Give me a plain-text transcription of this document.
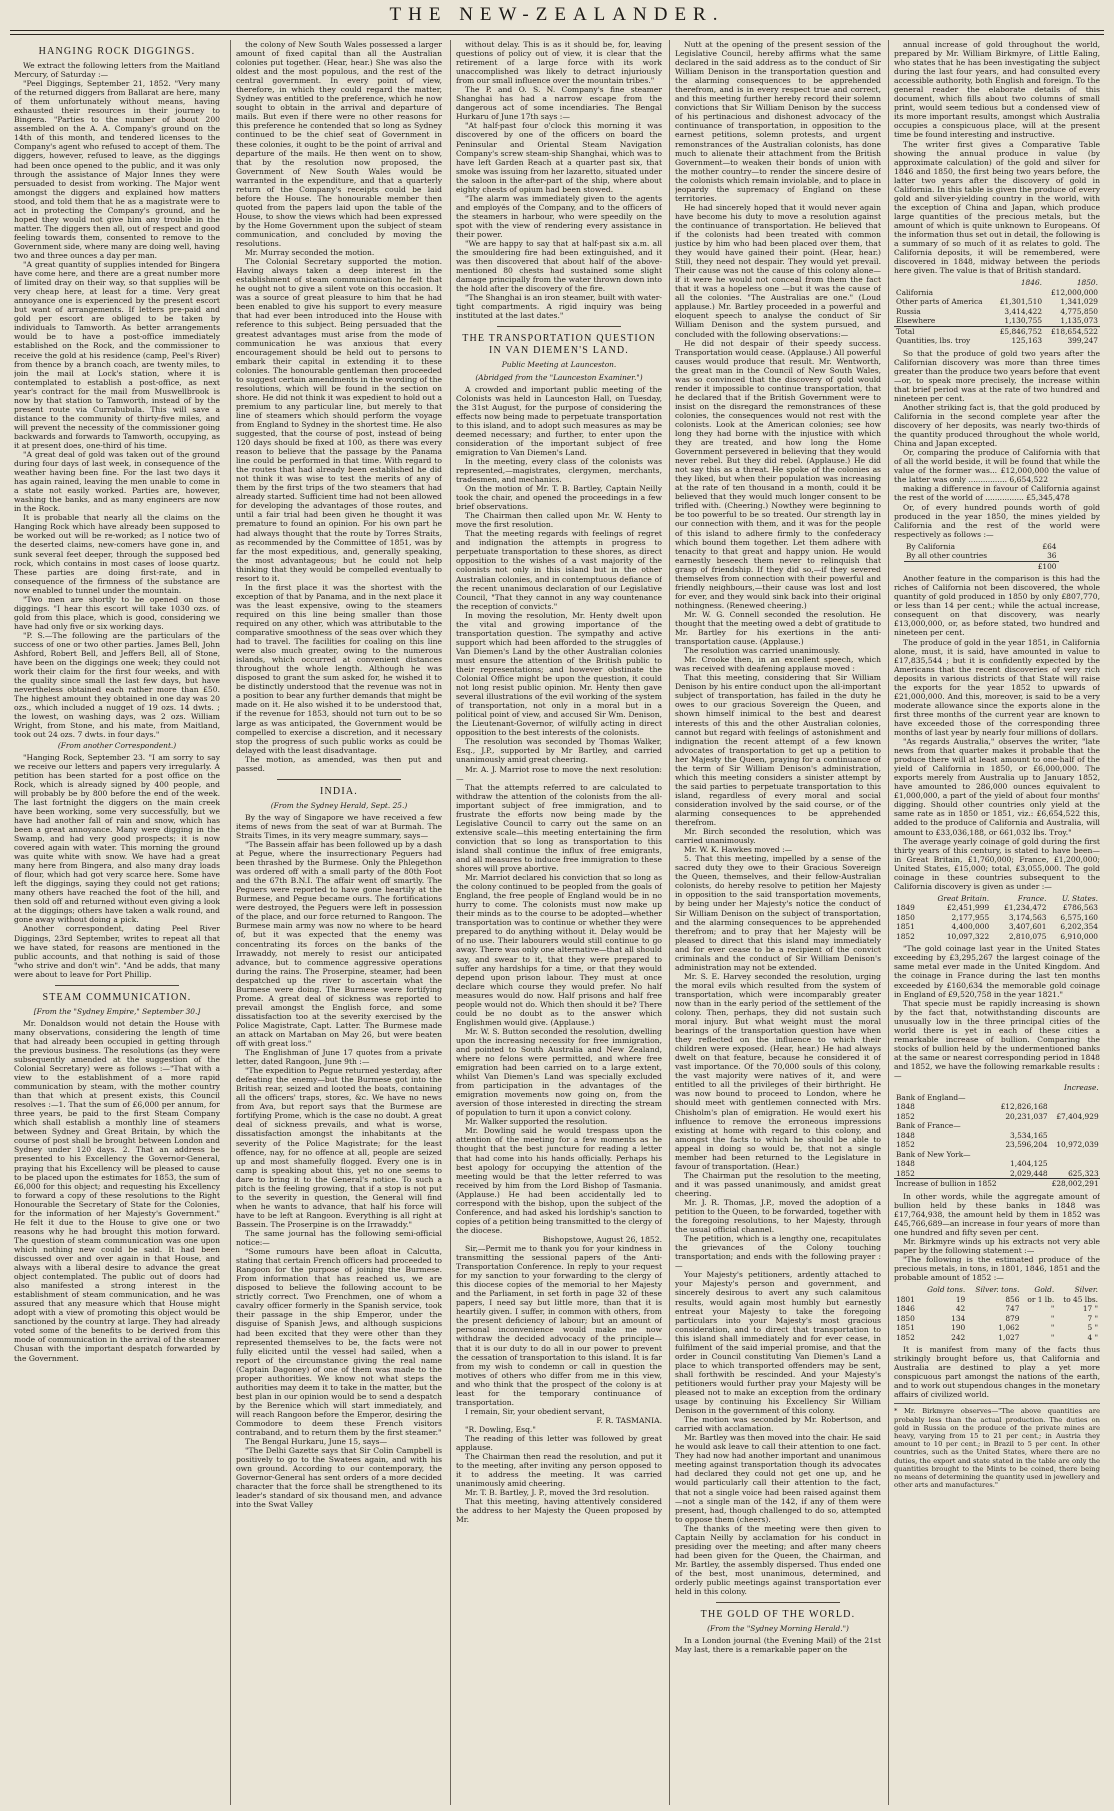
THE NEW-ZEALANDER.
HANGING ROCK DIGGINGS.

We extract the following letters from the Maitland Mercury, of Saturday :—

"Peel Diggings, September 21, 1852. "Very many of the returned diggers from Ballarat are here, many of them unfortunately without means, having exhausted their resources in their journey to Bingera. "Parties to the number of about 200 assembled on the A. A. Company's ground on the 14th of this month, and tendered licenses to the Company's agent who refused to accept of them. The diggers, however, refused to leave, as the diggings had been once opened to the public, and it was only through the assistance of Major Innes they were persuaded to desist from working. The Major went amongst the diggers and explained how matters stood, and told them that he as a magistrate were to act in protecting the Company's ground, and he hoped they would not give him any trouble in the matter. The diggers then all, out of respect and good feeling towards them, consented to remove to the Government side, where many are doing well, having two and three ounces a day per man.

"A great quantity of supplies intended for Bingera have come here, and there are a great number more of limited dray on their way, so that supplies will be very cheap here, at least for a time. Very great annoyance one is experienced by the present escort but want of arrangements. If letters pre-paid and gold per escort are obliged to be taken by individuals to Tamworth. As better arrangements would be to have a post-office immediately established on the Rock, and the commissioner to receive the gold at his residence (camp, Peel's River) from thence by a branch coach, are twenty miles, to join the mail at Lock's station, where it is contemplated to establish a post-office, as next year's contract for the mail from Muswellbrook is now by that station to Tamworth, instead of by the present route via Currabubula. This will save a distance to the community of thirty-five miles, and will prevent the necessity of the commissioner going backwards and forwards to Tamworth, occupying, as it at present does, one-third of his time.

"A great deal of gold was taken out of the ground during four days of last week, in consequence of the weather having been fine. For the last two days it has again rained, leaving the men unable to come in a state not easily worked. Parties are, however, washing the banks, and as many engineers are now in the Rock.

It is probable that nearly all the claims on the Hanging Rock which have already been supposed to be worked out will be re-worked; as I notice two of the deserted claims, new-comers have gone in, and sunk several feet deeper, through the supposed bed rock, which contains in most cases of loose quartz. These parties are doing first-rate, and in consequence of the firmness of the substance are now enabled to tunnel under the mountain.

"Two men are shortly to be opened on those diggings. "I hear this escort will take 1030 ozs. of gold from this place, which is good, considering we have had only five or six working days.

"P. S.—The following are the particulars of the success of one or two other parties. James Bell, John Ashford, Robert Bell, and Jeffers Bell, all of Stone, have been on the diggings one week; they could not work their claim for the first four weeks, and with the quality since small the last few days, but have nevertheless obtained each rather more than £50. The highest amount they obtained in one day was 20 ozs., which included a nugget of 19 ozs. 14 dwts. ; the lowest, on washing days, was 2 ozs. William Wright, from Stone, and his mate, from Maitland, took out 24 ozs. 7 dwts. in four days."

(From another Correspondent.)

"Hanging Rock, September 23. "I am sorry to say we receive our letters and papers very irregularly. A petition has been started for a post office on the Rock, which is already signed by 400 people, and will probably be by 800 before the end of the week. The last fortnight the diggers on the main creek have been working, some very successfully, but we have had another fall of rain and snow, which has been a great annoyance. Many were digging in the Swamp, and had very good prospects; it is now covered again with water. This morning the ground was quite white with snow. We have had a great many here from Bingera, and also many dray loads of flour, which had got very scarce here. Some have left the diggings, saying they could not get rations; many others have reached the foot of the hill, and then sold off and returned without even giving a look at the diggings; others have taken a walk round, and gone away without doing a pick.

Another correspondent, dating Peel River Diggings, 23rd September, writes to repeat all that we have stated, for reasons are mentioned in the public accounts, and that nothing is said of those "who strive and don't win". "And be adds, that many were about to leave for Port Phillip.

STEAM COMMUNICATION.
[From the "Sydney Empire," September 30.]

Mr. Donaldson would not detain the House with many observations, considering the length of time that had already been occupied in getting through the previous business. The resolutions (as they were subsequently amended at the suggestion of the Colonial Secretary) were as follows :—"That with a view to the establishment of a more rapid communication by steam, with the mother country than that which at present exists, this Council resolves :—1. That the sum of £6,000 per annum, for three years, be paid to the first Steam Company which shall establish a monthly line of steamers between Sydney and Great Britain, by which the course of post shall be brought between London and Sydney under 120 days. 2. That an address be presented to his Excellency the Governor-General, praying that his Excellency will be pleased to cause to be placed upon the estimates for 1853, the sum of £6,000 for this object; and requesting his Excellency to forward a copy of these resolutions to the Right Honourable the Secretary of State for the Colonies, for the information of her Majesty's Government." He felt it due to the House to give one or two reasons why he had brought this motion forward. The question of steam communication was one upon which nothing new could be said. It had been discussed over and over again in that House, and always with a liberal desire to advance the great object contemplated. The public out of doors had also manifested a strong interest in the establishment of steam communication, and he was assured that any measure which that House might adopt with a view of promoting this object would be sanctioned by the country at large. They had already voted some of the benefits to be derived from this mode of communication in the arrival of the steamer Chusan with the important despatch forwarded by the Government.

the colony of New South Wales possessed a larger amount of fixed capital than all the Australian colonies put together. (Hear, hear.) She was also the oldest and the most populous, and the rest of the central government. In every point of view, therefore, in which they could regard the matter, Sydney was entitled to the preference, which he now sought to obtain in the arrival and departure of mails. But even if there were no other reasons for this preference he contended that so long as Sydney continued to be the chief seat of Government in these colonies, it ought to be the point of arrival and departure of the mails. He then went on to show, that by the resolution now proposed, the Government of New South Wales would be warranted in the expenditure, and that a quarterly return of the Company's receipts could be laid before the House. The honourable member then quoted from the papers laid upon the table of the House, to show the views which had been expressed by the Home Government upon the subject of steam communication, and concluded by moving the resolutions.

Mr. Murray seconded the motion.

The Colonial Secretary supported the motion. Having always taken a deep interest in the establishment of steam communication he felt that he ought not to give a silent vote on this occasion. It was a source of great pleasure to him that he had been enabled to give his support to every measure that had ever been introduced into the House with reference to this subject. Being persuaded that the greatest advantages must arise from the mode of communication he was anxious that every encouragement should be held out to persons to embark their capital in extending it to these colonies. The honourable gentleman then proceeded to suggest certain amendments in the wording of the resolutions, which will be found in the section on shore. He did not think it was expedient to hold out a premium to any particular line, but merely to that line of steamers which should perform the voyage from England to Sydney in the shortest time. He also suggested, that the course of post, instead of being 120 days should be fixed at 100, as there was every reason to believe that the passage by the Panama line could be performed in that time. With regard to the routes that had already been established he did not think it was wise to test the merits of any of them by the first trips of the two steamers that had already started. Sufficient time had not been allowed for developing the advantages of those routes, and until a fair trial had been given he thought it was premature to found an opinion. For his own part he had always thought that the route by Torres Straits, as recommended by the Committee of 1851, was by far the most expeditious, and, generally speaking, the most advantageous; but he could not help thinking that they would be compelled eventually to resort to it.

In the first place it was the shortest with the exception of that by Panama, and in the next place it was the least expensive, owing to the steamers required on this line being smaller than those required on any other, which was attributable to the comparative smoothness of the seas over which they had to travel. The facilities for coaling on this line were also much greater, owing to the numerous islands, which occurred at convenient distances throughout the whole length. Although he was disposed to grant the sum asked for, he wished it to be distinctly understood that the revenue was not in a position to bear any further demands that might be made on it. He also wished it to be understood that, if the revenue for 1853, should not turn out to be so large as was anticipated, the Government would be compelled to exercise a discretion, and it necessary stop the progress of such public works as could be delayed with the least disadvantage.

The motion, as amended, was then put and passed.

INDIA.
(From the Sydney Herald, Sept. 25.)

By the way of Singapore we have received a few items of news from the seat of war at Burmah. The Straits Times, in its very meagre summary, says—

"The Bassein affair has been followed up by a dash at Pegue, where the insurrectionary Peguers had been thrashed by the Burmese. Only the Phlegethon was ordered off with a small party of the 80th Foot and the 67th B.N.I. The affair went off smartly. The Peguers were reported to have gone heartily at the Burmese, and Pegue became ours. The fortifications were destroyed, the Peguers were left in possession of the place, and our force returned to Rangoon. The Burmese main army was now no where to be heard of, but it was expected that the enemy was concentrating its forces on the banks of the Irrawaddy, not merely to resist our anticipated advance, but to commence aggressive operations during the rains. The Proserpine, steamer, had been despatched up the river to ascertain what the Burmese were doing. The Burmese were fortifying Prome. A great deal of sickness was reported to prevail amongst the English force, and some dissatisfaction too at the severity exercised by the Police Magistrate, Capt. Latter. The Burmese made an attack on Martaban on May 26, but were beaten off with great loss."

The Englishman of June 17 quotes from a private letter, dated Rangoon, June 9th :—

"The expedition to Pegue returned yesterday, after defeating the enemy—but the Burmese got into the British rear, seized and looted the boats, containing all the officers' traps, stores, &c. We have no news from Ava, but report says that the Burmese are fortifying Prome, which is the case no doubt. A great deal of sickness prevails, and what is worse, dissatisfaction amongst the inhabitants at the severity of the Police Magistrate; for the least offence, nay, for no offence at all, people are seized up and most shamefully flogged. Every one is in camp is speaking about this, yet no one seems to dare to bring it to the General's notice. To such a pitch is the feeling growing, that if a stop is not put to the severity in question, the General will find when he wants to advance, that half his force will have to be left at Rangoon. Everything is all right at Bassein. The Proserpine is on the Irrawaddy."

The same journal has the following semi-official notice:—

"Some rumours have been afloat in Calcutta, stating that certain French officers had proceeded to Rangoon for the purpose of joining the Burmese. From information that has reached us, we are disposed to believe the following account to be strictly correct. Two Frenchmen, one of whom a cavalry officer formerly in the Spanish service, took their passage in the ship Emperor, under the disguise of Spanish Jews, and although suspicions had been excited that they were other than they represented themselves to be, the facts were not fully elicited until the vessel had sailed, when a report of the circumstance giving the real name (Captain Dagoney) of one of them was made to the proper authorities. We know not what steps the authorities may deem it to take in the matter, but the best plan in our opinion would be to send a despatch by the Berenice which will start immediately, and will reach Rangoon before the Emperor, desiring the Commodore to deem these French visitors contraband, and to return them by the first steamer."

The Bengal Hurkaru, June 15, says—

"The Delhi Gazette says that Sir Colin Campbell is positively to go to the Swatees again, and with his own ground. According to our contemporary, the Governor-General has sent orders of a more decided character that the force shall be strengthened to its leader's standard of six thousand men, and advance into the Swat Valley

without delay. This is as it should be, for, leaving questions of policy out of view, it is clear that the retirement of a large force with its work unaccomplished was likely to detract injuriously from our small influence over the mountain tribes."

The P. and O. S. N. Company's fine steamer Shanghai has had a narrow escape from the dangerous act of some incendiaries. The Bengal Hurkaru of June 17th says :—

"At half-past four o'clock this morning it was discovered by one of the officers on board the Peninsular and Oriental Steam Navigation Company's screw steam-ship Shanghai, which was to have left Garden Reach at a quarter past six, that smoke was issuing from her lazaretto, situated under the saloon in the after-part of the ship, where about eighty chests of opium had been stowed.

"The alarm was immediately given to the agents and employés of the Company, and to the officers of the steamers in harbour, who were speedily on the spot with the view of rendering every assistance in their power.

"We are happy to say that at half-past six a.m. all the smouldering fire had been extinguished, and it was then discovered that about half of the above-mentioned 80 chests had sustained some slight damage principally from the water thrown down into the hold after the discovery of the fire.

"The Shanghai is an iron steamer, built with water-tight compartments. A rigid inquiry was being instituted at the last dates."

THE TRANSPORTATION QUESTION IN VAN DIEMEN'S LAND.
Public Meeting at Launceston.
(Abridged from the "Launceston Examiner.")

A crowded and important public meeting of the Colonists was held in Launceston Hall, on Tuesday, the 31st August, for the purpose of considering the effects now being made to perpetuate transportation to this island, and to adopt such measures as may be deemed necessary; and further, to enter upon the consideration of the important subject of free emigration to Van Diemen's Land.

In the meeting, every class of the colonists was represented,—magistrates, clergymen, merchants, tradesmen, and mechanics.

On the motion of Mr. T. B. Bartley, Captain Neilly took the chair, and opened the proceedings in a few brief observations.

The Chairman then called upon Mr. W. Henty to move the first resolution.

That the meeting regards with feelings of regret and indignation the attempts in progress to perpetuate transportation to these shores, as direct opposition to the wishes of a vast majority of the colonists not only in this island but in the other Australian colonies, and in contemptuous defiance of the recent unanimous declaration of our Legislative Council, "That they cannot in any way countenance the reception of convicts."

In moving the resolution, Mr. Henty dwelt upon the vital and growing importance of the transportation question. The sympathy and active support which had been afforded to the struggles of Van Diemen's Land by the other Australian colonies must ensure the attention of the British public to their representations; and however obstinate the Colonial Office might be upon the question, it could not long resist public opinion. Mr. Henty then gave several illustrations of the evil working of the system of transportation, not only in a moral but in a political point of view, and accused Sir Wm. Denison, the Lieutenant-Governor, of wilfully acting in direct opposition to the best interests of the colonists.

The resolution was seconded by Thomas Walker, Esq., J.P., supported by Mr Bartley, and carried unanimously amid great cheering.

Mr. A. J. Marriot rose to move the next resolution:—

That the attempts referred to are calculated to withdraw the attention of the colonists from the all-important subject of free immigration, and to frustrate the efforts now being made by the Legislative Council to carry out the same on an extensive scale—this meeting entertaining the firm conviction that so long as transportation to this island shall continue the influx of free emigrants, and all measures to induce free immigration to these shores will prove abortive.

Mr. Marriot declared his conviction that so long as the colony continued to be peopled from the goals of England, the free people of England would be in no hurry to come. The colonists must now make up their minds as to the course to be adopted—whether transportation was to continue or whether they were prepared to do anything without it. Delay would be of no use. Their labourers would still continue to go away. There was only one alternative—that all should say, and swear to it, that they were prepared to suffer any hardships for a time, or that they would depend upon prison labour. They must at once declare which course they would prefer. No half measures would do now. Half prisons and half free people would not do. Which then should it be? There could be no doubt as to the answer which Englishmen would give. (Applause.)

Mr. W. S. Button seconded the resolution, dwelling upon the increasing necessity for free immigration, and pointed to South Australia and New Zealand, where no felons were permitted, and where free emigration had been carried on to a large extent, whilst Van Diemen's Land was specially excluded from participation in the advantages of the emigration movements now going on, from the aversion of those interested in directing the stream of population to turn it upon a convict colony.

Mr. Walker supported the resolution.

Mr. Dowling said he would trespass upon the attention of the meeting for a few moments as he thought that the best juncture for reading a letter that had come into his hands officially. Perhaps his best apology for occupying the attention of the meeting would be that the letter referred to was received by him from the Lord Bishop of Tasmania. (Applause.) He had been accidentally led to correspond with the bishop, upon the subject of the Conference, and had asked his lordship's sanction to copies of a petition being transmitted to the clergy of the diocese.

Bishopstowe, August 26, 1852.

Sir,—Permit me to thank you for your kindness in transmitting the sessional papers of the Anti-Transportation Conference. In reply to your request for my sanction to your forwarding to the clergy of this diocese copies of the memorial to her Majesty and the Parliament, in set forth in page 32 of these papers, I need say but little more, than that it is heartily given. I suffer, in common with others, from the present deficiency of labour; but an amount of personal inconvenience would make me now withdraw the decided advocacy of the principle—that it is our duty to do all in our power to prevent the cessation of transportation to this island. It is far from my wish to condemn or call in question the motives of others who differ from me in this view, and who think that the prospect of the colony is at least for the temporary continuance of transportation.

I remain, Sir, your obedient servant,

F. R. TASMANIA.

"R. Dowling, Esq."

The reading of this letter was followed by great applause.

The Chairman then read the resolution, and put it to the meeting, after inviting any person opposed to it to address the meeting. It was carried unanimously amid cheering.

Mr. T. B. Bartley, J. P., moved the 3rd resolution.

That this meeting, having attentively considered the address to her Majesty the Queen proposed by Mr.

Nutt at the opening of the present session of the Legislative Council, hereby affirms what the same declared in the said address as to the conduct of Sir William Denison in the transportation question and the alarming consequences to be apprehended therefrom, and is in every respect true and correct, and this meeting further hereby record their solemn convictions that Sir William Denison by the success of his pertinacious and dishonest advocacy of the continuance of transportation, in opposition to the earnest petitions, solemn protests, and urgent remonstrances of the Australian colonists, has done much to alienate their attachment from the British Government—to weaken their bonds of union with the mother country—to render the sincere desire of the colonists which remain inviolable, and to place in jeopardy the supremacy of England on these territories.

He had sincerely hoped that it would never again have become his duty to move a resolution against the continuance of transportation. He believed that if the colonists had been treated with common justice by him who had been placed over them, that they would have gained their point. (Hear, hear.) Still, they need not despair. They would yet prevail. Their cause was not the cause of this colony alone—if it were he would not conceal from them the fact that it was a hopeless one —but it was the cause of all the colonies. "The Australias are one." (Loud applause.) Mr. Bartley proceeded in a powerful and eloquent speech to analyse the conduct of Sir William Denison and the system pursued, and concluded with the following observations:—

He did not despair of their speedy success. Transportation would cease. (Applause.) All powerful causes would produce that result. Mr. Wentworth, the great man in the Council of New South Wales, was so convinced that the discovery of gold would render it impossible to continue transportation, that he declared that if the British Government were to insist on the disregard the remonstrances of these colonies, the consequences would not rest with the colonists. Look at the American colonies; see how long they had borne with the injustice with which they are treated, and how long the Home Government persevered in believing that they would never rebel. But they did rebel. (Applause.) He did not say this as a threat. He spoke of the colonies as they liked, but when their population was increasing at the rate of ten thousand in a month, could it be believed that they would much longer consent to be trifled with. (Cheering.) Nowthey were beginning to be too powerful to be so treated. Our strength lay in our connection with them, and it was for the people of this island to adhere firmly to the confederacy which bound them together. Let them adhere with tenacity to that great and happy union. He would earnestly beseech them never to relinquish that grasp of friendship. If they did so,—if they severed themselves from connection with their powerful and friendly neighbours,—their cause was lost and lost for ever, and they would sink back into their original nothingness. (Renewed cheering.)

Mr. W. G. Connell seconded the resolution. He thought that the meeting owed a debt of gratitude to Mr. Bartley for his exertions in the anti-transportation cause. (Applause.)

The resolution was carried unanimously.

Mr. Crooke then, in an excellent speech, which was received with deafening applause moved :

That this meeting, considering that Sir William Denison by his entire conduct upon the all-important subject of transportation, has failed in the duty he owes to our gracious Sovereign the Queen, and shown himself inimical to the best and dearest interests of this and the other Australian colonies, cannot but regard with feelings of astonishment and indignation the recent attempt of a few known advocates of transportation to get up a petition to her Majesty the Queen, praying for a continuance of the term of Sir William Denison's administration, which this meeting considers a sinister attempt by the said parties to perpetuate transportation to this island, regardless of every moral and social consideration involved by the said course, or of the alarming consequences to be apprehended therefrom.

Mr. Birch seconded the resolution, which was carried unanimously.

Mr. W. K. Hawkes moved :—

5. That this meeting, impelled by a sense of the sacred duty they owe to their Gracious Sovereign the Queen, themselves, and their fellow-Australian colonists, do hereby resolve to petition her Majesty in opposition to the said transportation movements, by being under her Majesty's notice the conduct of Sir William Denison on the subject of transportation, and the alarming consequences to be apprehended therefrom; and to pray that her Majesty will be pleased to direct that this island may immediately and for ever cease to be a recipient of the convict criminals and the conduct of Sir William Denison's administration may not be extended.

Mr. S. E. Harvey seconded the resolution, urging the moral evils which resulted from the system of transportation, which were incomparably greater now than in the early period of the settlement of the colony. Then, perhaps, they did not sustain such moral injury. But what weight must the moral bearings of the transportation question have when they reflected on the influence to which their children were exposed. (Hear, hear.) He had always dwelt on that feature, because he considered it of vast importance. Of the 70,000 souls of this colony, the vast majority were natives of it, and were entitled to all the privileges of their birthright. He was now bound to proceed to London, where he should meet with gentlemen connected with Mrs. Chisholm's plan of emigration. He would exert his influence to remove the erroneous impressions existing at home with regard to this colony, and amongst the facts to which he should be able to appeal in doing so would be, that not a single member had been returned to the Legislature in favour of transportation. (Hear.)

The Chairman put the resolution to the meeting, and it was passed unanimously, and amidst great cheering.

Mr. J. R. Thomas, J.P., moved the adoption of a petition to the Queen, to be forwarded, together with the foregoing resolutions, to her Majesty, through the usual official channel.

The petition, which is a lengthy one, recapitulates the grievances of the Colony touching transportation; and ends with the following prayer :—

Your Majesty's petitioners, ardently attached to your Majesty's person and government, and sincerely desirous to avert any such calamitous results, would again most humbly but earnestly entreat your Majesty to take the foregoing particulars into your Majesty's most gracious consideration, and to direct that transportation to this island shall immediately and for ever cease, in fulfilment of the said imperial promise, and that the order in Council constituting Van Diemen's Land a place to which transported offenders may be sent, shall forthwith be rescinded. And your Majesty's petitioners would further pray your Majesty will be pleased not to make an exception from the ordinary usage by continuing his Excellency Sir William Denison in the government of this colony.

The motion was seconded by Mr. Robertson, and carried with acclamation.

Mr. Bartley was then moved into the chair. He said he would ask leave to call their attention to one fact. They had now had another important and unanimous meeting against transportation though its advocates had declared they could not get one up, and he would particularly call their attention to the fact, that not a single voice had been raised against them—not a single man of the 142, if any of them were present, had, though challenged to do so, attempted to oppose them (cheers).

The thanks of the meeting were then given to Captain Neilly by acclamation for his conduct in presiding over the meeting; and after many cheers had been given for the Queen, the Chairman, and Mr. Bartley, the assembly dispersed. Thus ended one of the best, most unanimous, determined, and orderly public meetings against transportation ever held in this colony.

THE GOLD OF THE WORLD.
(From the "Sydney Morning Herald.")

In a London journal (the Evening Mail) of the 21st May last, there is a remarkable paper on the

annual increase of gold throughout the world, prepared by Mr. William Birkmyre, of Little Ealing, who states that he has been investigating the subject during the last four years, and had consulted every accessible authority, both English and foreign. To the general reader the elaborate details of this document, which fills about two columns of small print, would seem tedious but a condensed view of its more important results, amongst which Australia occupies a conspicuous place, will at the present time be found interesting and instructive.

The writer first gives a Comparative Table showing the annual produce in value (by approximate calculation) of the gold and silver for 1846 and 1850, the first being two years before, the latter two years after the discovery of gold in California. In this table is given the produce of every gold and silver-yielding country in the world, with the exception of China and Japan, which produce large quantities of the precious metals, but the amount of which is quite unknown to Europeans. Of the information thus set out in detail, the following is a summary of so much of it as relates to gold. The California deposits, it will be remembered, were discovered in 1848, midway between the periods here given. The value is that of British standard.

	1846.	1850.
California		£12,000,000
Other parts of America	£1,301,510	1,341,029
Russia	3,414,422	4,775,850
Elsewhere	1,130,755	1,135,073
Total	£5,846,752	£18,654,522
Quantities, lbs. troy	125,163	399,247

So that the produce of gold two years after the Californian discovery was more than three times greater than the produce two years before that event—or, to speak more precisely, the increase within that brief period was at the rate of two hundred and nineteen per cent.

Another striking fact is, that the gold produced by California in the second complete year after the discovery of her deposits, was nearly two-thirds of the quantity produced throughout the whole world, China and Japan excepted.

Or, comparing the produce of California with that of all the world beside, it will be found that while the value of the former was... £12,000,000 the value of the latter was only ................ 6,654,522

making a difference in favour of California against the rest of the world of ................ £5,345,478

Or, of every hundred pounds worth of gold produced in the year 1850, the mines yielded by California and the rest of the world were respectively as follows :—

By California	£64
By all other countries	36
	£100

Another feature in the comparison is this had the riches of California not been discovered, the whole quantity of gold produced in 1850 by only £807,770, or less than 14 per cent.; while the actual increase, consequent on that discovery, was nearly £13,000,000, or, as before stated, two hundred and nineteen per cent.

The produce of gold in the year 1851, in California alone, must, it is said, have amounted in value to £17,835,544 ; but it is confidently expected by the Americans that the recent discoveries of very rich deposits in various districts of that State will raise the exports for the year 1852 to upwards of £21,000,000. And this, moreover, is said to be a very moderate allowance since the exports alone in the first three months of the current year are known to have exceeded those of the corresponding three months of last year by nearly four millions of dollars.

"As regards Australia," observes the writer, "late news from that quarter makes it probable that the produce there will at least amount to one-half of the yield of California in 1850, or £6,000,000. The exports merely from Australia up to January 1852, have amounted to 286,000 ounces equivalent to £1,000,000, a part of the yield of about four months' digging. Should other countries only yield at the same rate as in 1850 or 1851, viz.: £6,654,522 this, added to the produce of California and Australia, will amount to £33,036,188, or 661,032 lbs. Troy."

The average yearly coinage of gold during the first thirty years of this century, is stated to have been—in Great Britain, £1,760,000; France, £1,200,000; United States, £15,000; total, £3,055,000. The gold coinage in these countries subsequent to the California discovery is given as under :—

	Great Britain.	France.	U. States.
1849	£2,451,999	£1,234,472	£786,563
1850	2,177,955	3,174,563	6,575,160
1851	4,400,000	3,407,601	6,202,354
1852	10,097,322	2,810,075	6,910,000

"The gold coinage last year in the United States exceeding by £3,295,267 the largest coinage of the same metal ever made in the United Kingdom. And the coinage in France during the last ten months exceeded by £160,634 the memorable gold coinage in England of £9,520,758 in the year 1821."

That specie must be rapidly increasing is shown by the fact that, notwithstanding discounts are unusually low in the three principal cities of the world there is yet in each of these cities a remarkable increase of bullion. Comparing the stocks of bullion held by the undermentioned banks at the same or nearest corresponding period in 1848 and 1852, we have the following remarkable results :—

		Increase.
Bank of England—		
1848	£12,826,168	
1852	20,231,037	£7,404,929
Bank of France—		
1848	3,534,165	
1852	23,596,204	10,972,039
Bank of New York—		
1848	1,404,125	
1852	2,029,448	625,323
Increase of bullion in 1852		£28,002,291

In other words, while the aggregate amount of bullion held by these banks in 1848 was £17,764,938, the amount held by them in 1852 was £45,766,689—an increase in four years of more than one hundred and fifty seven per cent.

Mr. Birkmyre winds up his extracts not very able paper by the following statement :—

"The following is the estimated produce of the precious metals, in tons, in 1801, 1846, 1851 and the probable amount of 1852 :—

	Gold tons.	Silver. tons.	Gold.	Silver.
1801	19	856	or 1 lb.	to 45 lbs.
1846	42	747	"	17 "
1850	134	879	"	7 "
1851	190	1,062	"	5 "
1852	242	1,027	"	4 "

It is manifest from many of the facts thus strikingly brought before us, that California and Australia are destined to play a yet more conspicuous part amongst the nations of the earth, and to work out stupendous changes in the monetary affairs of civilized world.

* Mr. Birkmyre observes—"The above quantities are probably less than the actual production. The duties on gold in Russia on the produce of the private mines are heavy, varying from 15 to 21 per cent.; in Austria they amount to 10 per cent.; in Brazil to 5 per cent. In other countries, such as the United States, where there are no duties, the export and state stated in the table are only the quantities brought to the Mints to be coined, there being no means of determining the quantity used in jewellery and other arts and manufactures."
